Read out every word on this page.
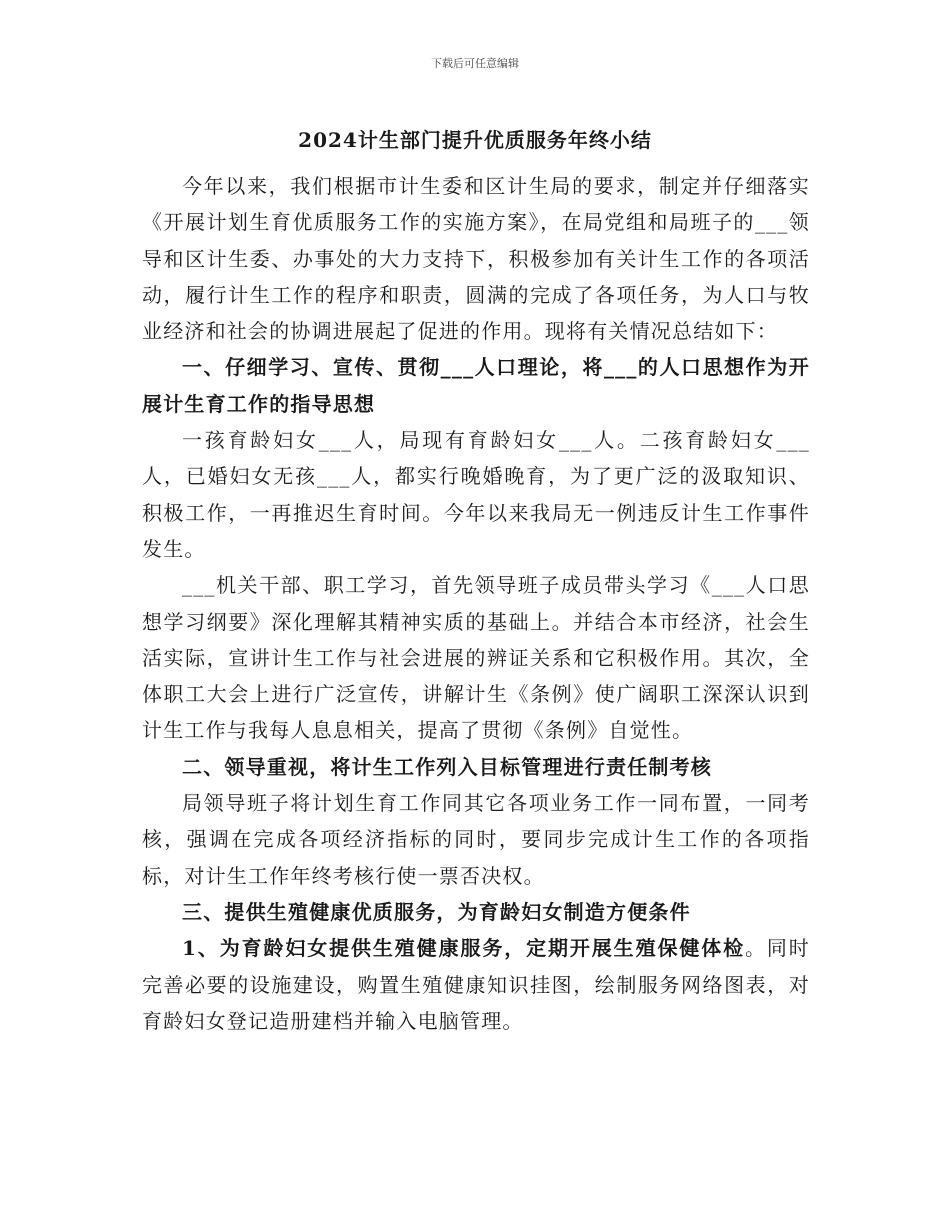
下载后可任意编辑
2024计生部门提升优质服务年终小结

今年以来，我们根据市计生委和区计生局的要求，制定并仔细落实《开展计划生育优质服务工作的实施方案》，在局党组和局班子的___领导和区计生委、办事处的大力支持下，积极参加有关计生工作的各项活动，履行计生工作的程序和职责，圆满的完成了各项任务，为人口与牧业经济和社会的协调进展起了促进的作用。现将有关情况总结如下：

一、仔细学习、宣传、贯彻___人口理论，将___的人口思想作为开展计生育工作的指导思想

一孩育龄妇女___人，局现有育龄妇女___人。二孩育龄妇女___人，已婚妇女无孩___人，都实行晚婚晚育，为了更广泛的汲取知识、积极工作，一再推迟生育时间。今年以来我局无一例违反计生工作事件发生。

___机关干部、职工学习，首先领导班子成员带头学习《___人口思想学习纲要》深化理解其精神实质的基础上。并结合本市经济，社会生活实际，宣讲计生工作与社会进展的辨证关系和它积极作用。其次，全体职工大会上进行广泛宣传，讲解计生《条例》使广阔职工深深认识到计生工作与我每人息息相关，提高了贯彻《条例》自觉性。

二、领导重视，将计生工作列入目标管理进行责任制考核

局领导班子将计划生育工作同其它各项业务工作一同布置，一同考核，强调在完成各项经济指标的同时，要同步完成计生工作的各项指标，对计生工作年终考核行使一票否决权。

三、提供生殖健康优质服务，为育龄妇女制造方便条件

1、为育龄妇女提供生殖健康服务，定期开展生殖保健体检。同时完善必要的设施建设，购置生殖健康知识挂图，绘制服务网络图表，对育龄妇女登记造册建档并输入电脑管理。
